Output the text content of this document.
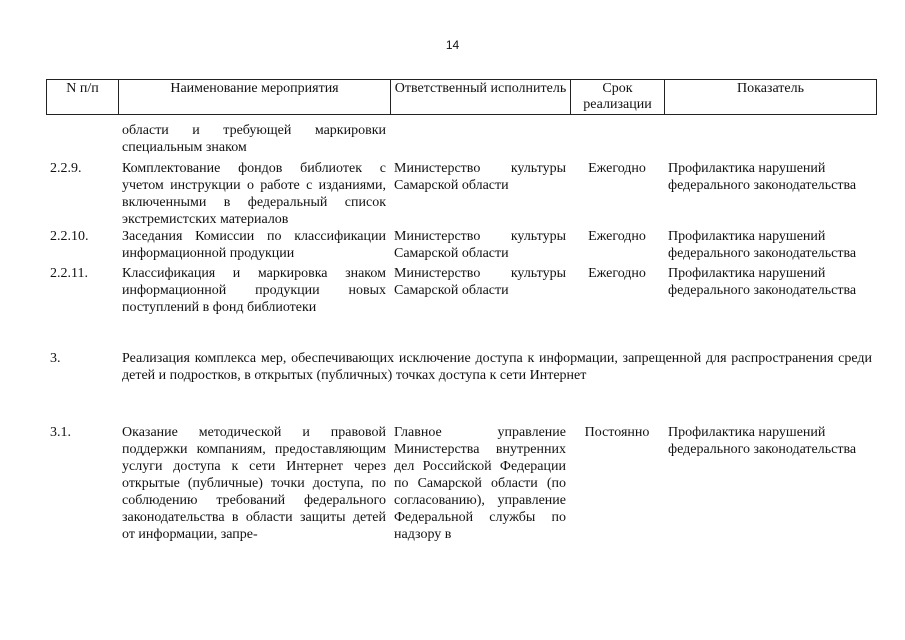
14
N п/п	Наименование мероприятия	Ответственный исполнитель	Срок реализации	Показатель
	области и требующей маркировки специальным знаком			

2.2.9.	Комплектование фондов библиотек с учетом инструкции о работе с изданиями, включенными в федеральный список экстремистских материалов	Министерство культуры Самарской области	Ежегодно	Профилактика нарушений федерального законодательства
2.2.10.	Заседания Комиссии по классификации информационной продукции	Министерство культуры Самарской области	Ежегодно	Профилактика нарушений федерального законодательства

2.2.11.	Классификация и маркировка знаком информационной продукции новых поступлений в фонд библиотеки	Министерство культуры Самарской области	Ежегодно	Профилактика нарушений федерального законодательства

3.	Реализация комплекса мер, обеспечивающих исключение доступа к информации, запрещенной для распространения среди детей и подростков, в открытых (публичных) точках доступа к сети Интернет			

3.1.	Оказание методической и правовой поддержки компаниям, предоставляющим услуги доступа к сети Интернет через открытые (публичные) точки доступа, по соблюдению требований федерального законодательства в области защиты детей от информации, запре-	Главное управление Министерства внутренних дел Российской Федерации по Самарской области (по согласованию), управление Федеральной службы по надзору в	Постоянно	Профилактика нарушений федерального законодательства
